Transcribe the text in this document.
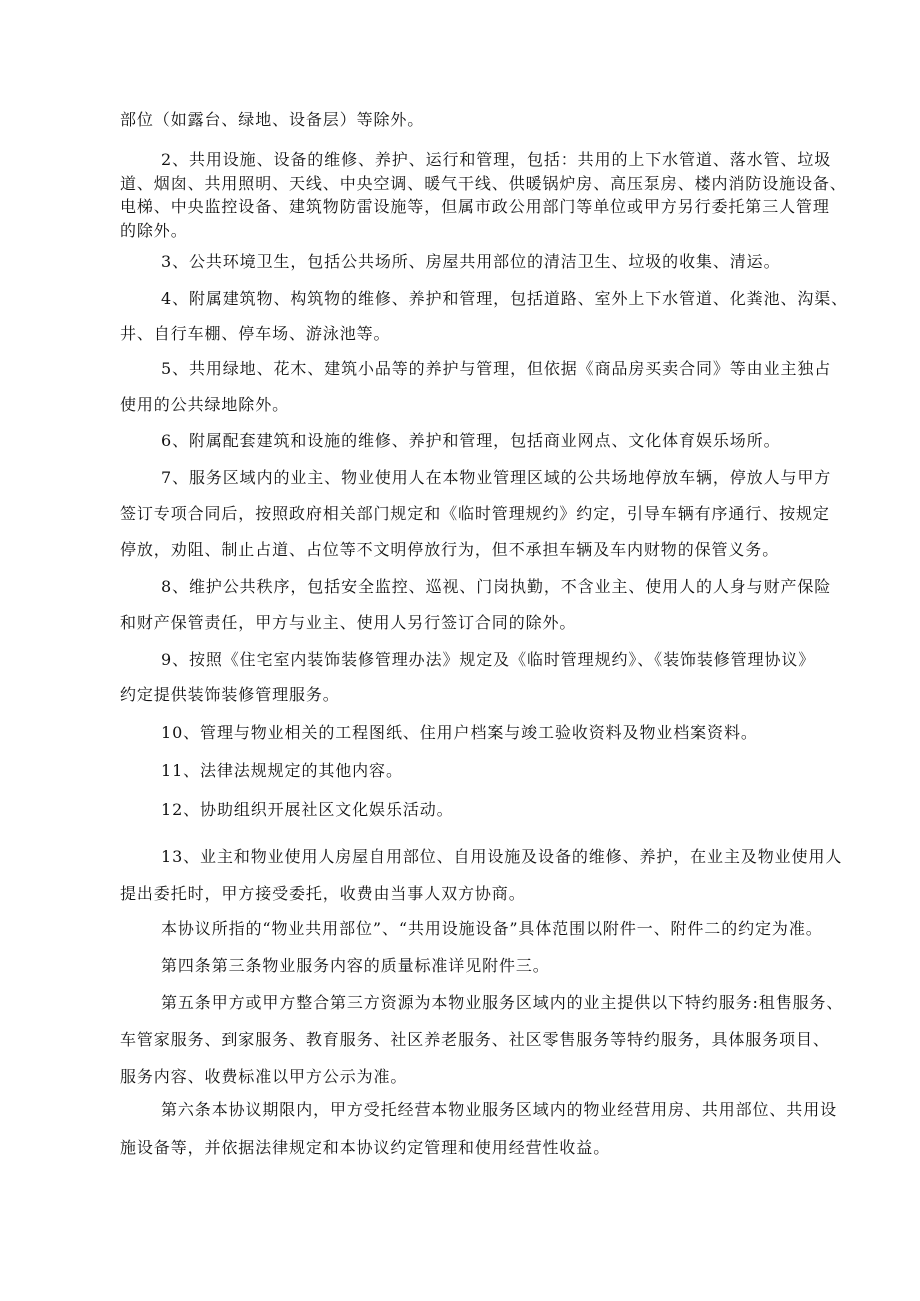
部位（如露台、绿地、设备层）等除外。
2、共用设施、设备的维修、养护、运行和管理，包括：共用的上下水管道、落水管、垃圾
道、烟囱、共用照明、天线、中央空调、暖气干线、供暖锅炉房、高压泵房、楼内消防设施设备、
电梯、中央监控设备、建筑物防雷设施等，但属市政公用部门等单位或甲方另行委托第三人管理
的除外。
3、公共环境卫生，包括公共场所、房屋共用部位的清洁卫生、垃圾的收集、清运。
4、附属建筑物、构筑物的维修、养护和管理，包括道路、室外上下水管道、化粪池、沟渠、
井、自行车棚、停车场、游泳池等。
5、共用绿地、花木、建筑小品等的养护与管理，但依据《商品房买卖合同》等由业主独占
使用的公共绿地除外。
6、附属配套建筑和设施的维修、养护和管理，包括商业网点、文化体育娱乐场所。
7、服务区域内的业主、物业使用人在本物业管理区域的公共场地停放车辆，停放人与甲方
签订专项合同后，按照政府相关部门规定和《临时管理规约》约定，引导车辆有序通行、按规定
停放，劝阻、制止占道、占位等不文明停放行为，但不承担车辆及车内财物的保管义务。
8、维护公共秩序，包括安全监控、巡视、门岗执勤，不含业主、使用人的人身与财产保险
和财产保管责任，甲方与业主、使用人另行签订合同的除外。
9、按照《住宅室内装饰装修管理办法》规定及《临时管理规约》、《装饰装修管理协议》
约定提供装饰装修管理服务。
10、管理与物业相关的工程图纸、住用户档案与竣工验收资料及物业档案资料。
11、法律法规规定的其他内容。
12、协助组织开展社区文化娱乐活动。
13、业主和物业使用人房屋自用部位、自用设施及设备的维修、养护，在业主及物业使用人
提出委托时，甲方接受委托，收费由当事人双方协商。
本协议所指的“物业共用部位”、“共用设施设备”具体范围以附件一、附件二的约定为准。
第四条第三条物业服务内容的质量标准详见附件三。
第五条甲方或甲方整合第三方资源为本物业服务区域内的业主提供以下特约服务:租售服务、
车管家服务、到家服务、教育服务、社区养老服务、社区零售服务等特约服务，具体服务项目、
服务内容、收费标准以甲方公示为准。
第六条本协议期限内，甲方受托经营本物业服务区域内的物业经营用房、共用部位、共用设
施设备等，并依据法律规定和本协议约定管理和使用经营性收益。
